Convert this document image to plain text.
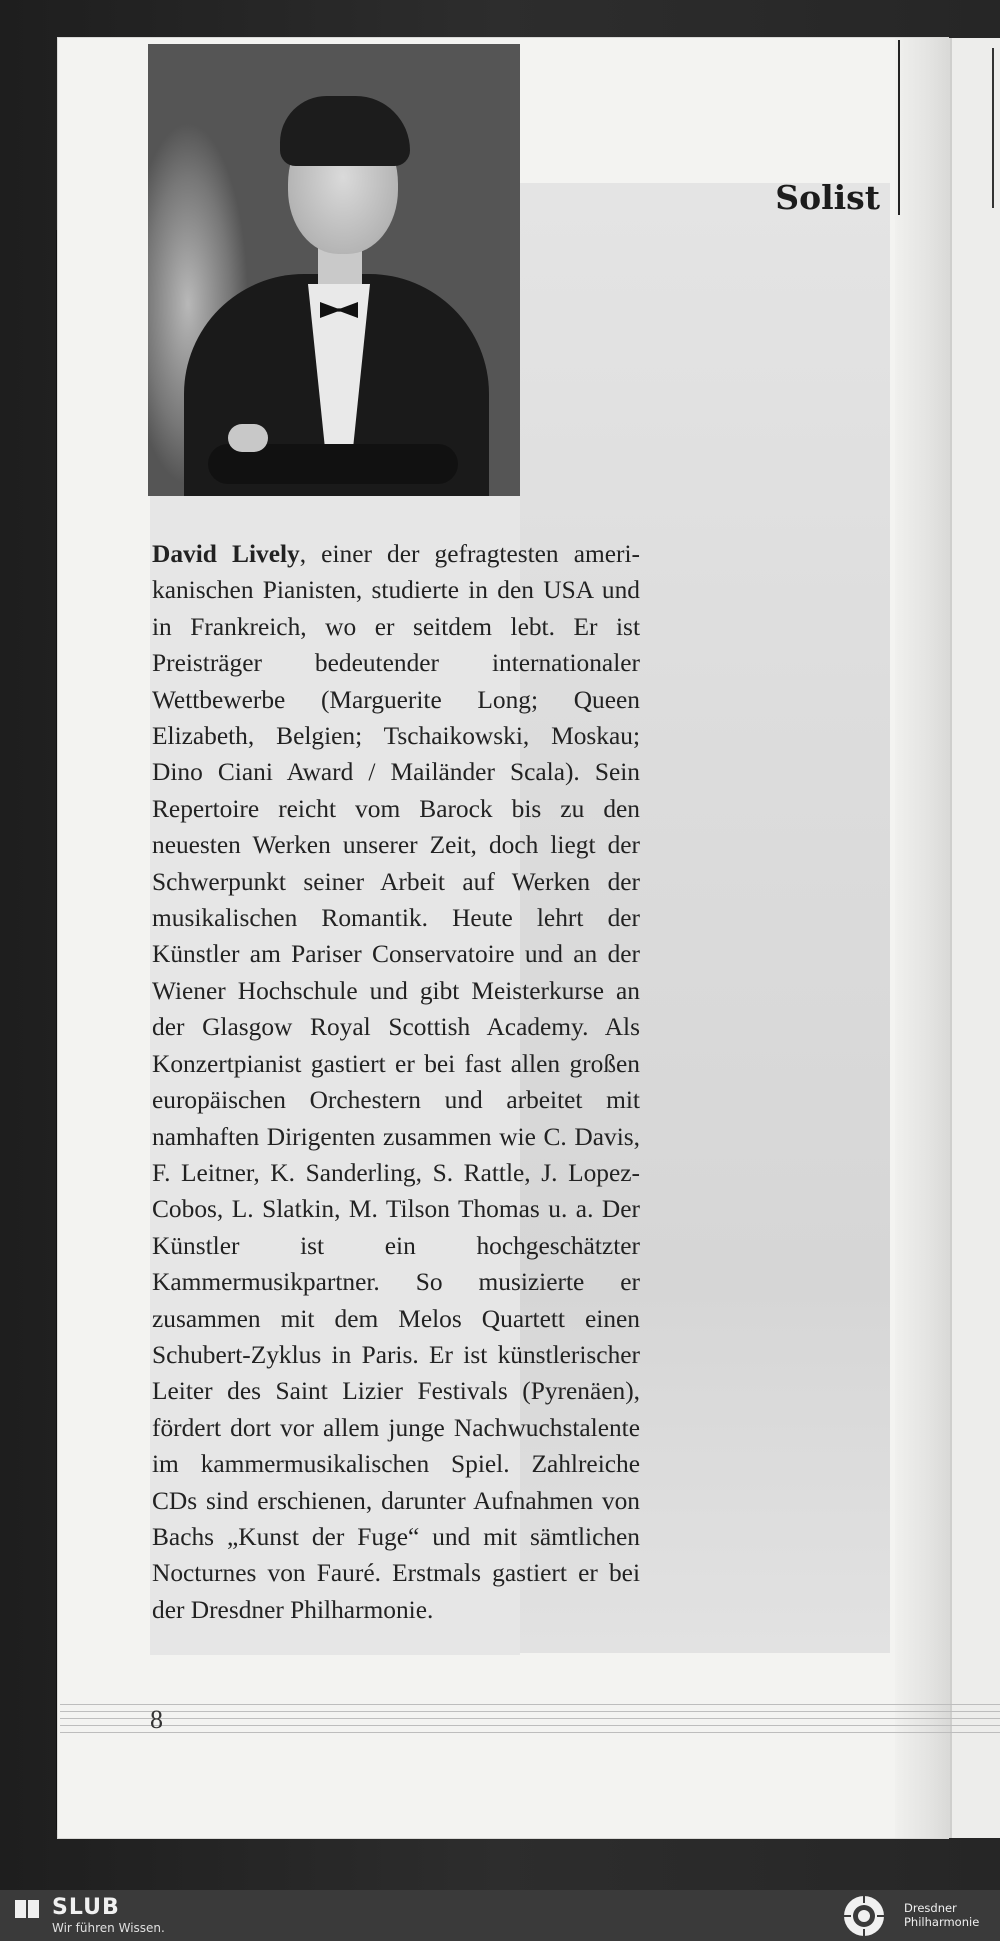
Solist

David Lively, einer der gefragtesten amerikanischen Pianisten, studierte in den USA und in Frankreich, wo er seitdem lebt. Er ist Preisträger bedeutender internationaler Wettbewerbe (Marguerite Long; Queen Elizabeth, Belgien; Tschaikowski, Moskau; Dino Ciani Award / Mailänder Scala). Sein Repertoire reicht vom Barock bis zu den neuesten Werken unserer Zeit, doch liegt der Schwerpunkt seiner Arbeit auf Werken der musikalischen Romantik. Heute lehrt der Künstler am Pariser Conservatoire und an der Wiener Hochschule und gibt Meisterkurse an der Glasgow Royal Scottish Academy. Als Konzertpianist gastiert er bei fast allen großen europäischen Orchestern und arbeitet mit namhaften Dirigenten zusammen wie C. Davis, F. Leitner, K. Sanderling, S. Rattle, J. Lopez-Cobos, L. Slatkin, M. Tilson Thomas u. a. Der Künstler ist ein hochgeschätzter Kammermusikpartner. So musizierte er zusammen mit dem Melos Quartett einen Schubert-Zyklus in Paris. Er ist künstlerischer Leiter des Saint Lizier Festivals (Pyrenäen), fördert dort vor allem junge Nachwuchstalente im kammermusikalischen Spiel. Zahlreiche CDs sind erschienen, darunter Aufnahmen von Bachs „Kunst der Fuge“ und mit sämtlichen Nocturnes von Fauré. Erstmals gastiert er bei der Dresdner Philharmonie.

8
SLUB
Wir führen Wissen.
Dresdner
Philharmonie
